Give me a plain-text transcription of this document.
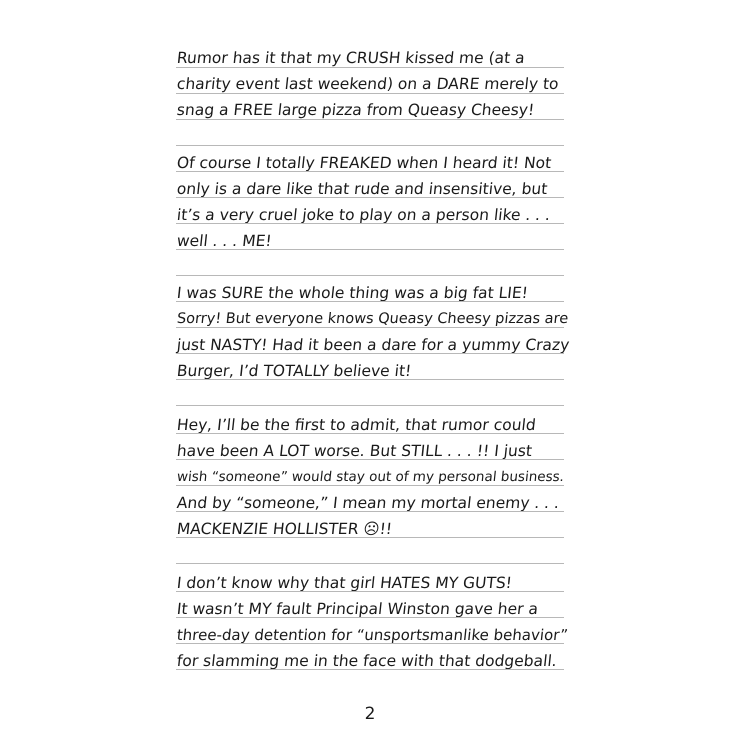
Rumor has it that my CRUSH kissed me (at a
charity event last weekend) on a DARE merely to
snag a FREE large pizza from Queasy Cheesy!
Of course I totally FREAKED when I heard it! Not
only is a dare like that rude and insensitive, but
it’s a very cruel joke to play on a person like . . .
well . . . ME!
I was SURE the whole thing was a big fat LIE!
Sorry! But everyone knows Queasy Cheesy pizzas are
just NASTY! Had it been a dare for a yummy Crazy
Burger, I’d TOTALLY believe it!
Hey, I’ll be the first to admit, that rumor could
have been A LOT worse. But STILL . . . !! I just
wish “someone” would stay out of my personal business.
And by “someone,” I mean my mortal enemy . . .
MACKENZIE HOLLISTER ☹!!
I don’t know why that girl HATES MY GUTS!
It wasn’t MY fault Principal Winston gave her a
three-day detention for “unsportsmanlike behavior”
for slamming me in the face with that dodgeball.
2
